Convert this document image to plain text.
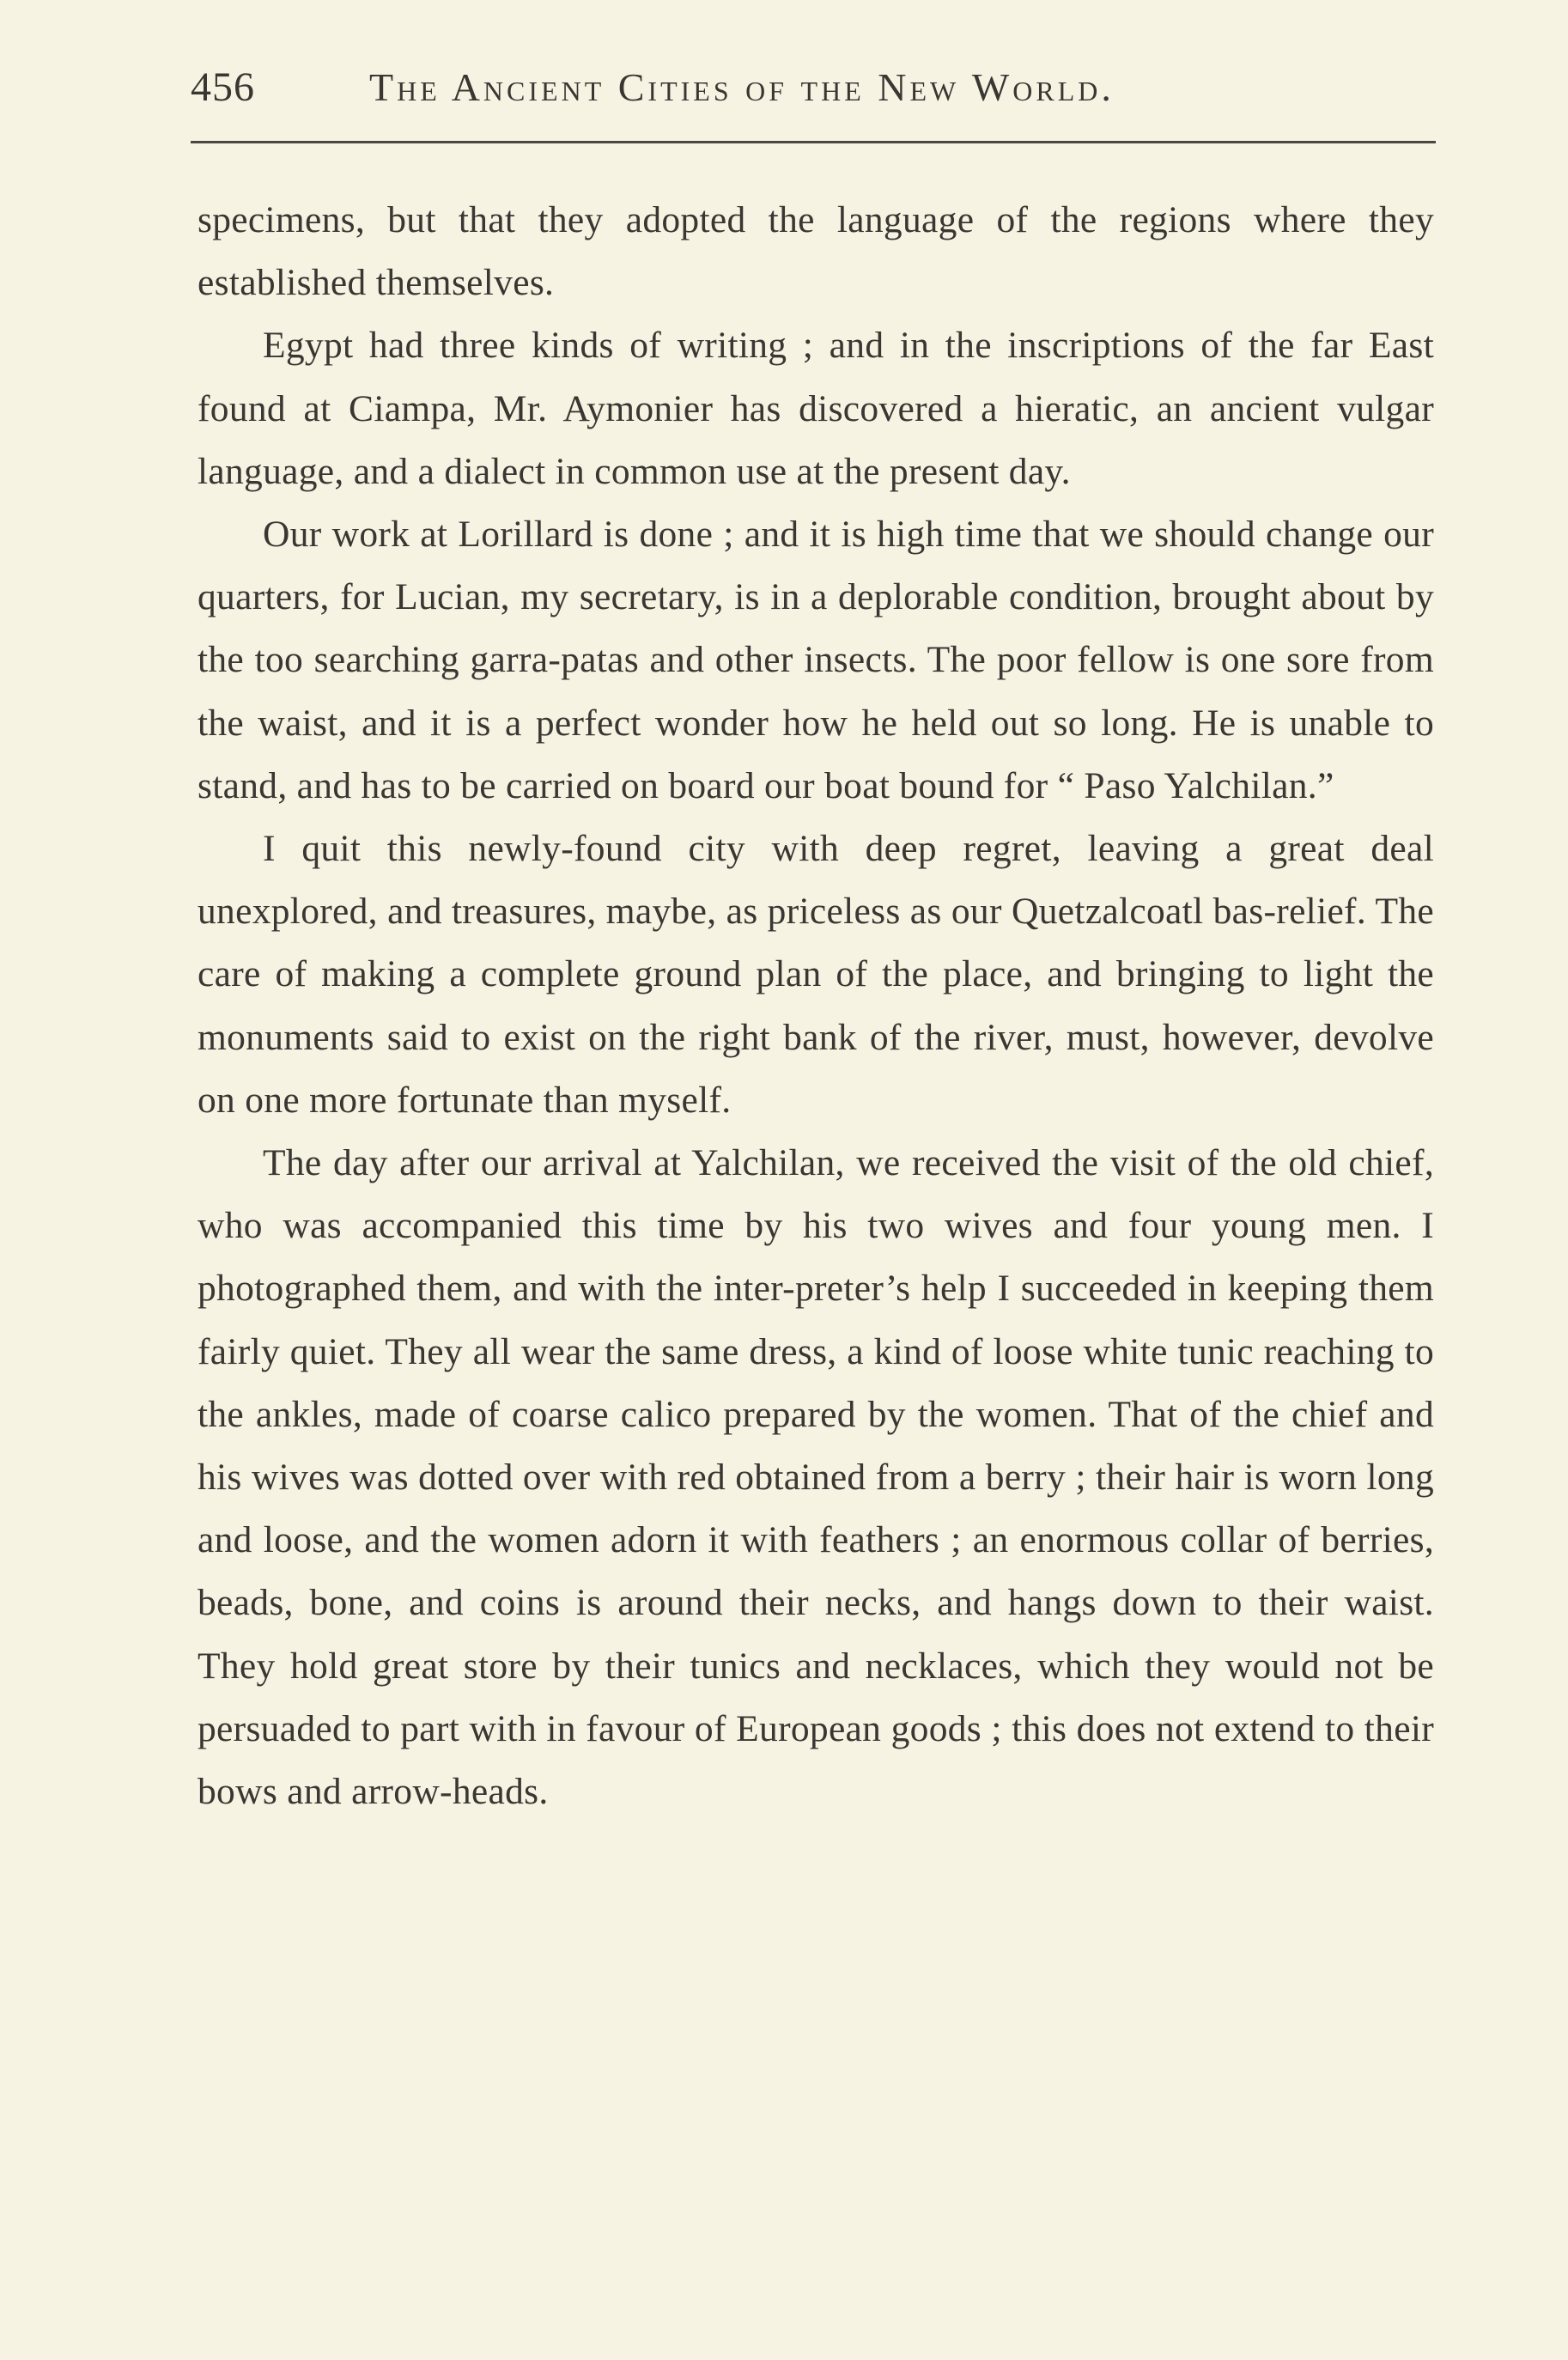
456	The Ancient Cities of the New World.

specimens, but that they adopted the language of the regions where they established themselves.

Egypt had three kinds of writing ; and in the inscriptions of the far East found at Ciampa, Mr. Aymonier has discovered a hieratic, an ancient vulgar language, and a dialect in common use at the present day.

Our work at Lorillard is done ; and it is high time that we should change our quarters, for Lucian, my secretary, is in a deplorable condition, brought about by the too searching garra-patas and other insects. The poor fellow is one sore from the waist, and it is a perfect wonder how he held out so long. He is unable to stand, and has to be carried on board our boat bound for “ Paso Yalchilan.”

I quit this newly-found city with deep regret, leaving a great deal unexplored, and treasures, maybe, as priceless as our Quetzalcoatl bas-relief. The care of making a complete ground plan of the place, and bringing to light the monuments said to exist on the right bank of the river, must, however, devolve on one more fortunate than myself.

The day after our arrival at Yalchilan, we received the visit of the old chief, who was accompanied this time by his two wives and four young men. I photographed them, and with the inter-preter’s help I succeeded in keeping them fairly quiet. They all wear the same dress, a kind of loose white tunic reaching to the ankles, made of coarse calico prepared by the women. That of the chief and his wives was dotted over with red obtained from a berry ; their hair is worn long and loose, and the women adorn it with feathers ; an enormous collar of berries, beads, bone, and coins is around their necks, and hangs down to their waist. They hold great store by their tunics and necklaces, which they would not be persuaded to part with in favour of European goods ; this does not extend to their bows and arrow-heads.
